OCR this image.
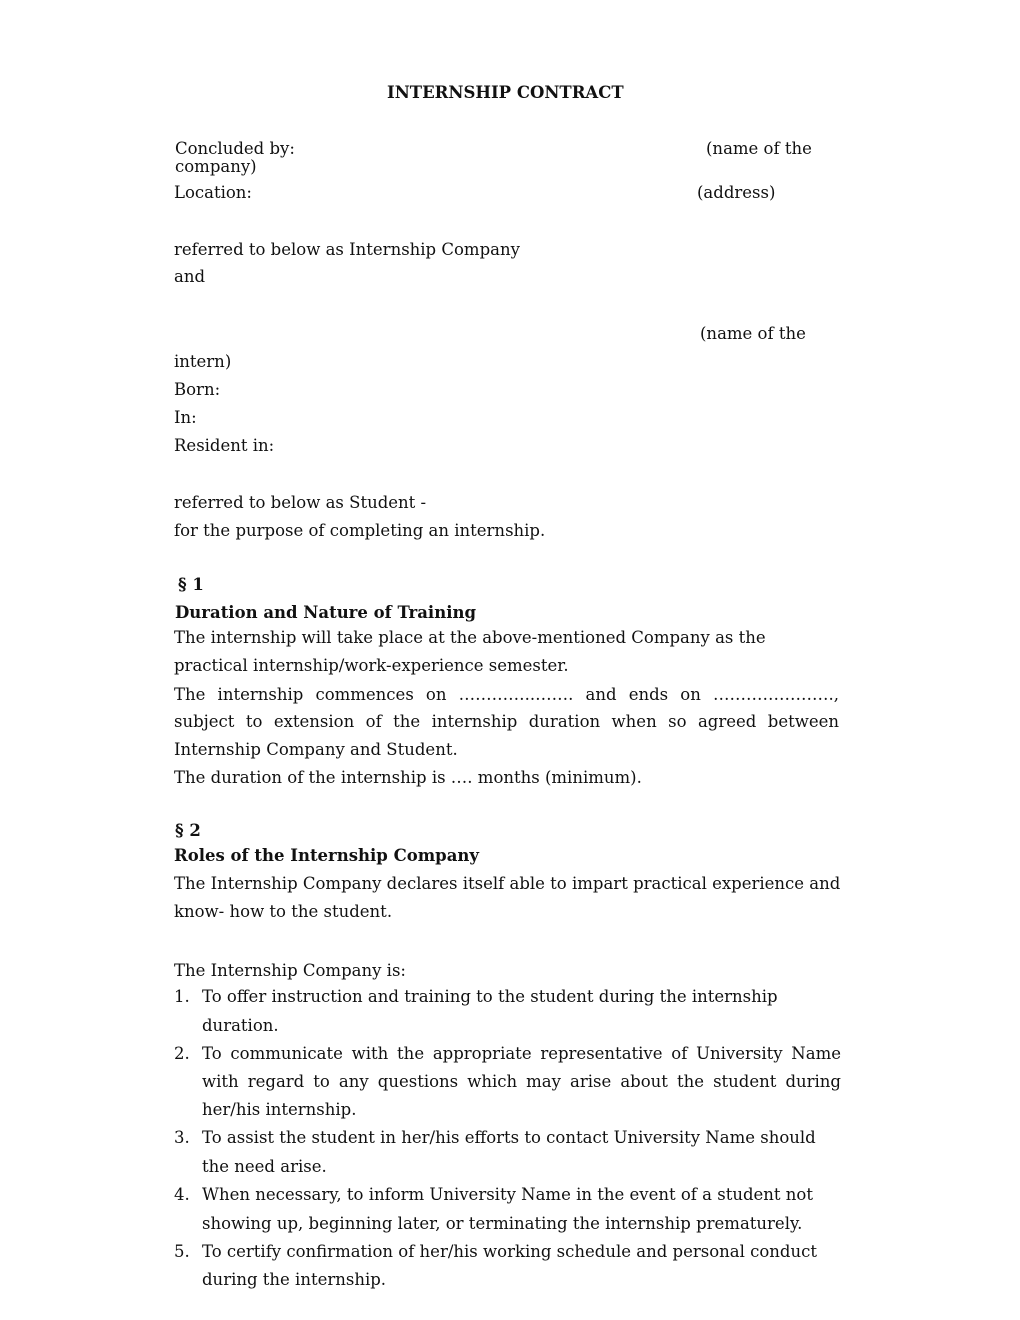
INTERNSHIP CONTRACT
Concluded by:	(name of the
company)
Location:	(address)
referred to below as Internship Company
and
(name of the
intern)
Born:
In:
Resident in:
referred to below as Student -
for the purpose of completing an internship.
§ 1
Duration and Nature of Training
The internship will take place at the above-mentioned Company as the
practical internship/work-experience semester.
The internship commences on …………..……. and ends on ………………….,
subject to extension of the internship duration when so agreed between
Internship Company and Student.
The duration of the internship is …. months (minimum).
§ 2
Roles of the Internship Company
The Internship Company declares itself able to impart practical experience and
know- how to the student.
The Internship Company is:
1. To offer instruction and training to the student during the internship
duration.
2. To communicate with the appropriate representative of University Name
with regard to any questions which may arise about the student during
her/his internship.
3. To assist the student in her/his efforts to contact University Name should
the need arise.
4. When necessary, to inform University Name in the event of a student not
showing up, beginning later, or terminating the internship prematurely.
5. To certify confirmation of her/his working schedule and personal conduct
during the internship.
